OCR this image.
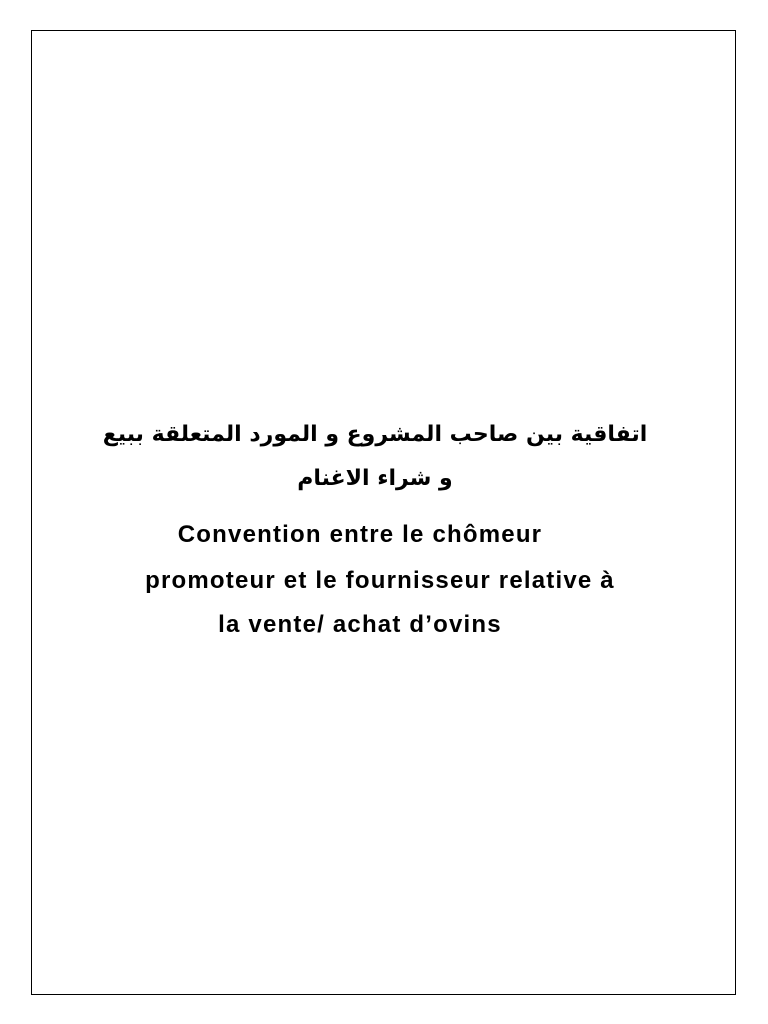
اتفاقية بين صاحب المشروع و المورد المتعلقة ببيع

و شراء الاغنام

Convention entre le chômeur

promoteur et le fournisseur relative à

la vente/ achat d’ovins
